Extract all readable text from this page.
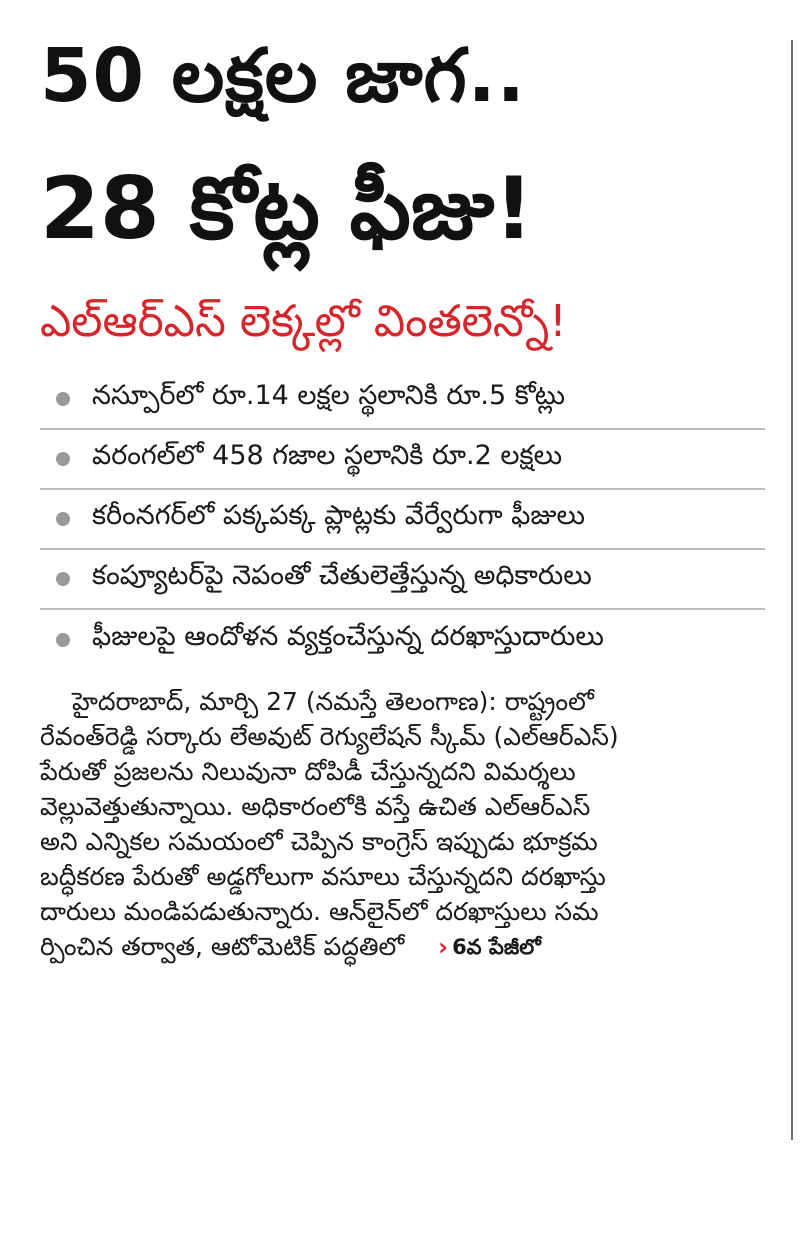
50 లక్షల జాగ..
28 కోట్ల ఫీజు!
ఎల్‌ఆర్‌ఎస్ లెక్కల్లో వింతలెన్నో!
నస్పూర్‌లో రూ.14 లక్షల స్థలానికి రూ.5 కోట్లు
వరంగల్‌లో 458 గజాల స్థలానికి రూ.2 లక్షలు
కరీంనగర్‌లో పక్కపక్క ప్లాట్లకు వేర్వేరుగా ఫీజులు
కంప్యూటర్‌పై నెపంతో చేతులెత్తేస్తున్న అధికారులు
ఫీజులపై ఆందోళన వ్యక్తంచేస్తున్న దరఖాస్తుదారులు
హైదరాబాద్, మార్చి 27 (నమస్తే తెలంగాణ): రాష్ట్రంలో
రేవంత్‌రెడ్డి సర్కారు లేఅవుట్ రెగ్యులేషన్ స్కీమ్ (ఎల్‌ఆర్‌ఎస్)
పేరుతో ప్రజలను నిలువునా దోపిడీ చేస్తున్నదని విమర్శలు
వెల్లువెత్తుతున్నాయి. అధికారంలోకి వస్తే ఉచిత ఎల్‌ఆర్‌ఎస్
అని ఎన్నికల సమయంలో చెప్పిన కాంగ్రెస్ ఇప్పుడు భూక్రమ
బద్ధీకరణ పేరుతో అడ్డగోలుగా వసూలు చేస్తున్నదని దరఖాస్తు
దారులు మండిపడుతున్నారు. ఆన్‌లైన్‌లో దరఖాస్తులు సమ
ర్పించిన తర్వాత, ఆటోమెటిక్ పద్ధతిలో › 6వ పేజీలో
